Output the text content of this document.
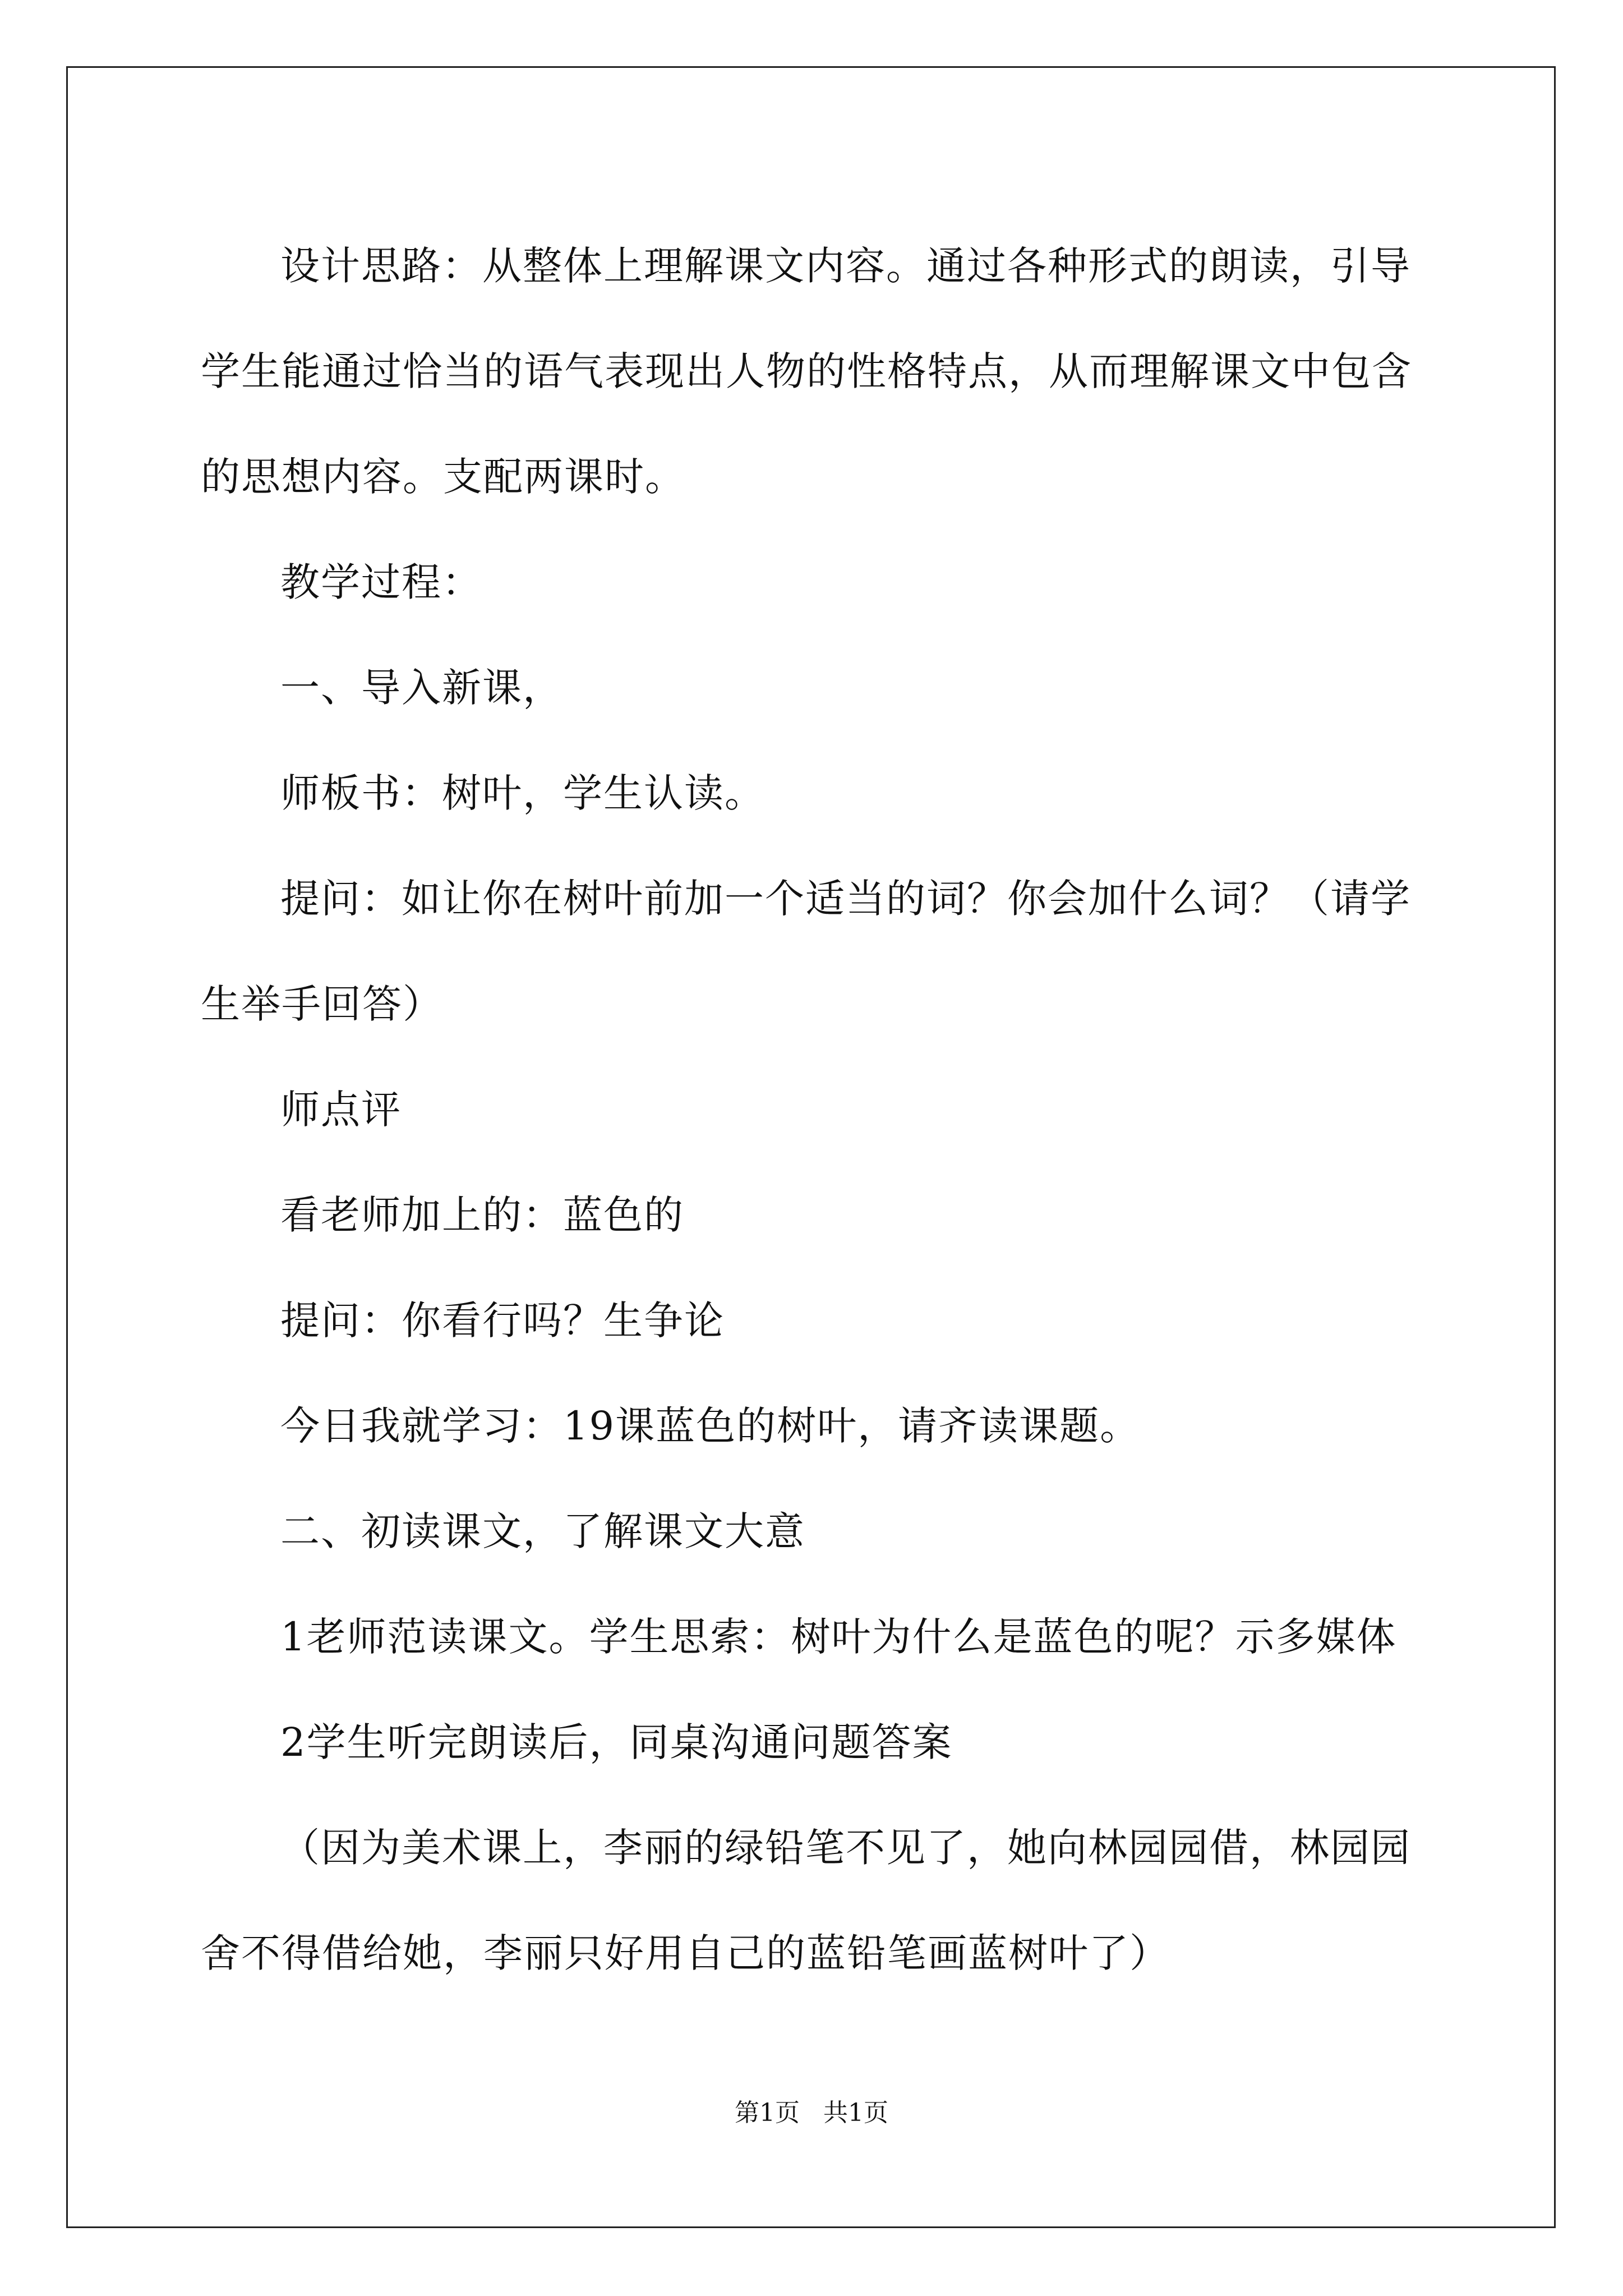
设计思路：从整体上理解课文内容。通过各种形式的朗读，引导学生能通过恰当的语气表现出人物的性格特点，从而理解课文中包含的思想内容。支配两课时。

教学过程：

一、导入新课，

师板书：树叶，学生认读。

提问：如让你在树叶前加一个适当的词？你会加什么词？（请学生举手回答）

师点评

看老师加上的：蓝色的

提问：你看行吗？生争论

今日我就学习：19课蓝色的树叶，请齐读课题。

二、初读课文，了解课文大意

1老师范读课文。学生思索：树叶为什么是蓝色的呢？示多媒体

2学生听完朗读后，同桌沟通问题答案

（因为美术课上，李丽的绿铅笔不见了，她向林园园借，林园园舍不得借给她，李丽只好用自己的蓝铅笔画蓝树叶了）

第1页 共1页
